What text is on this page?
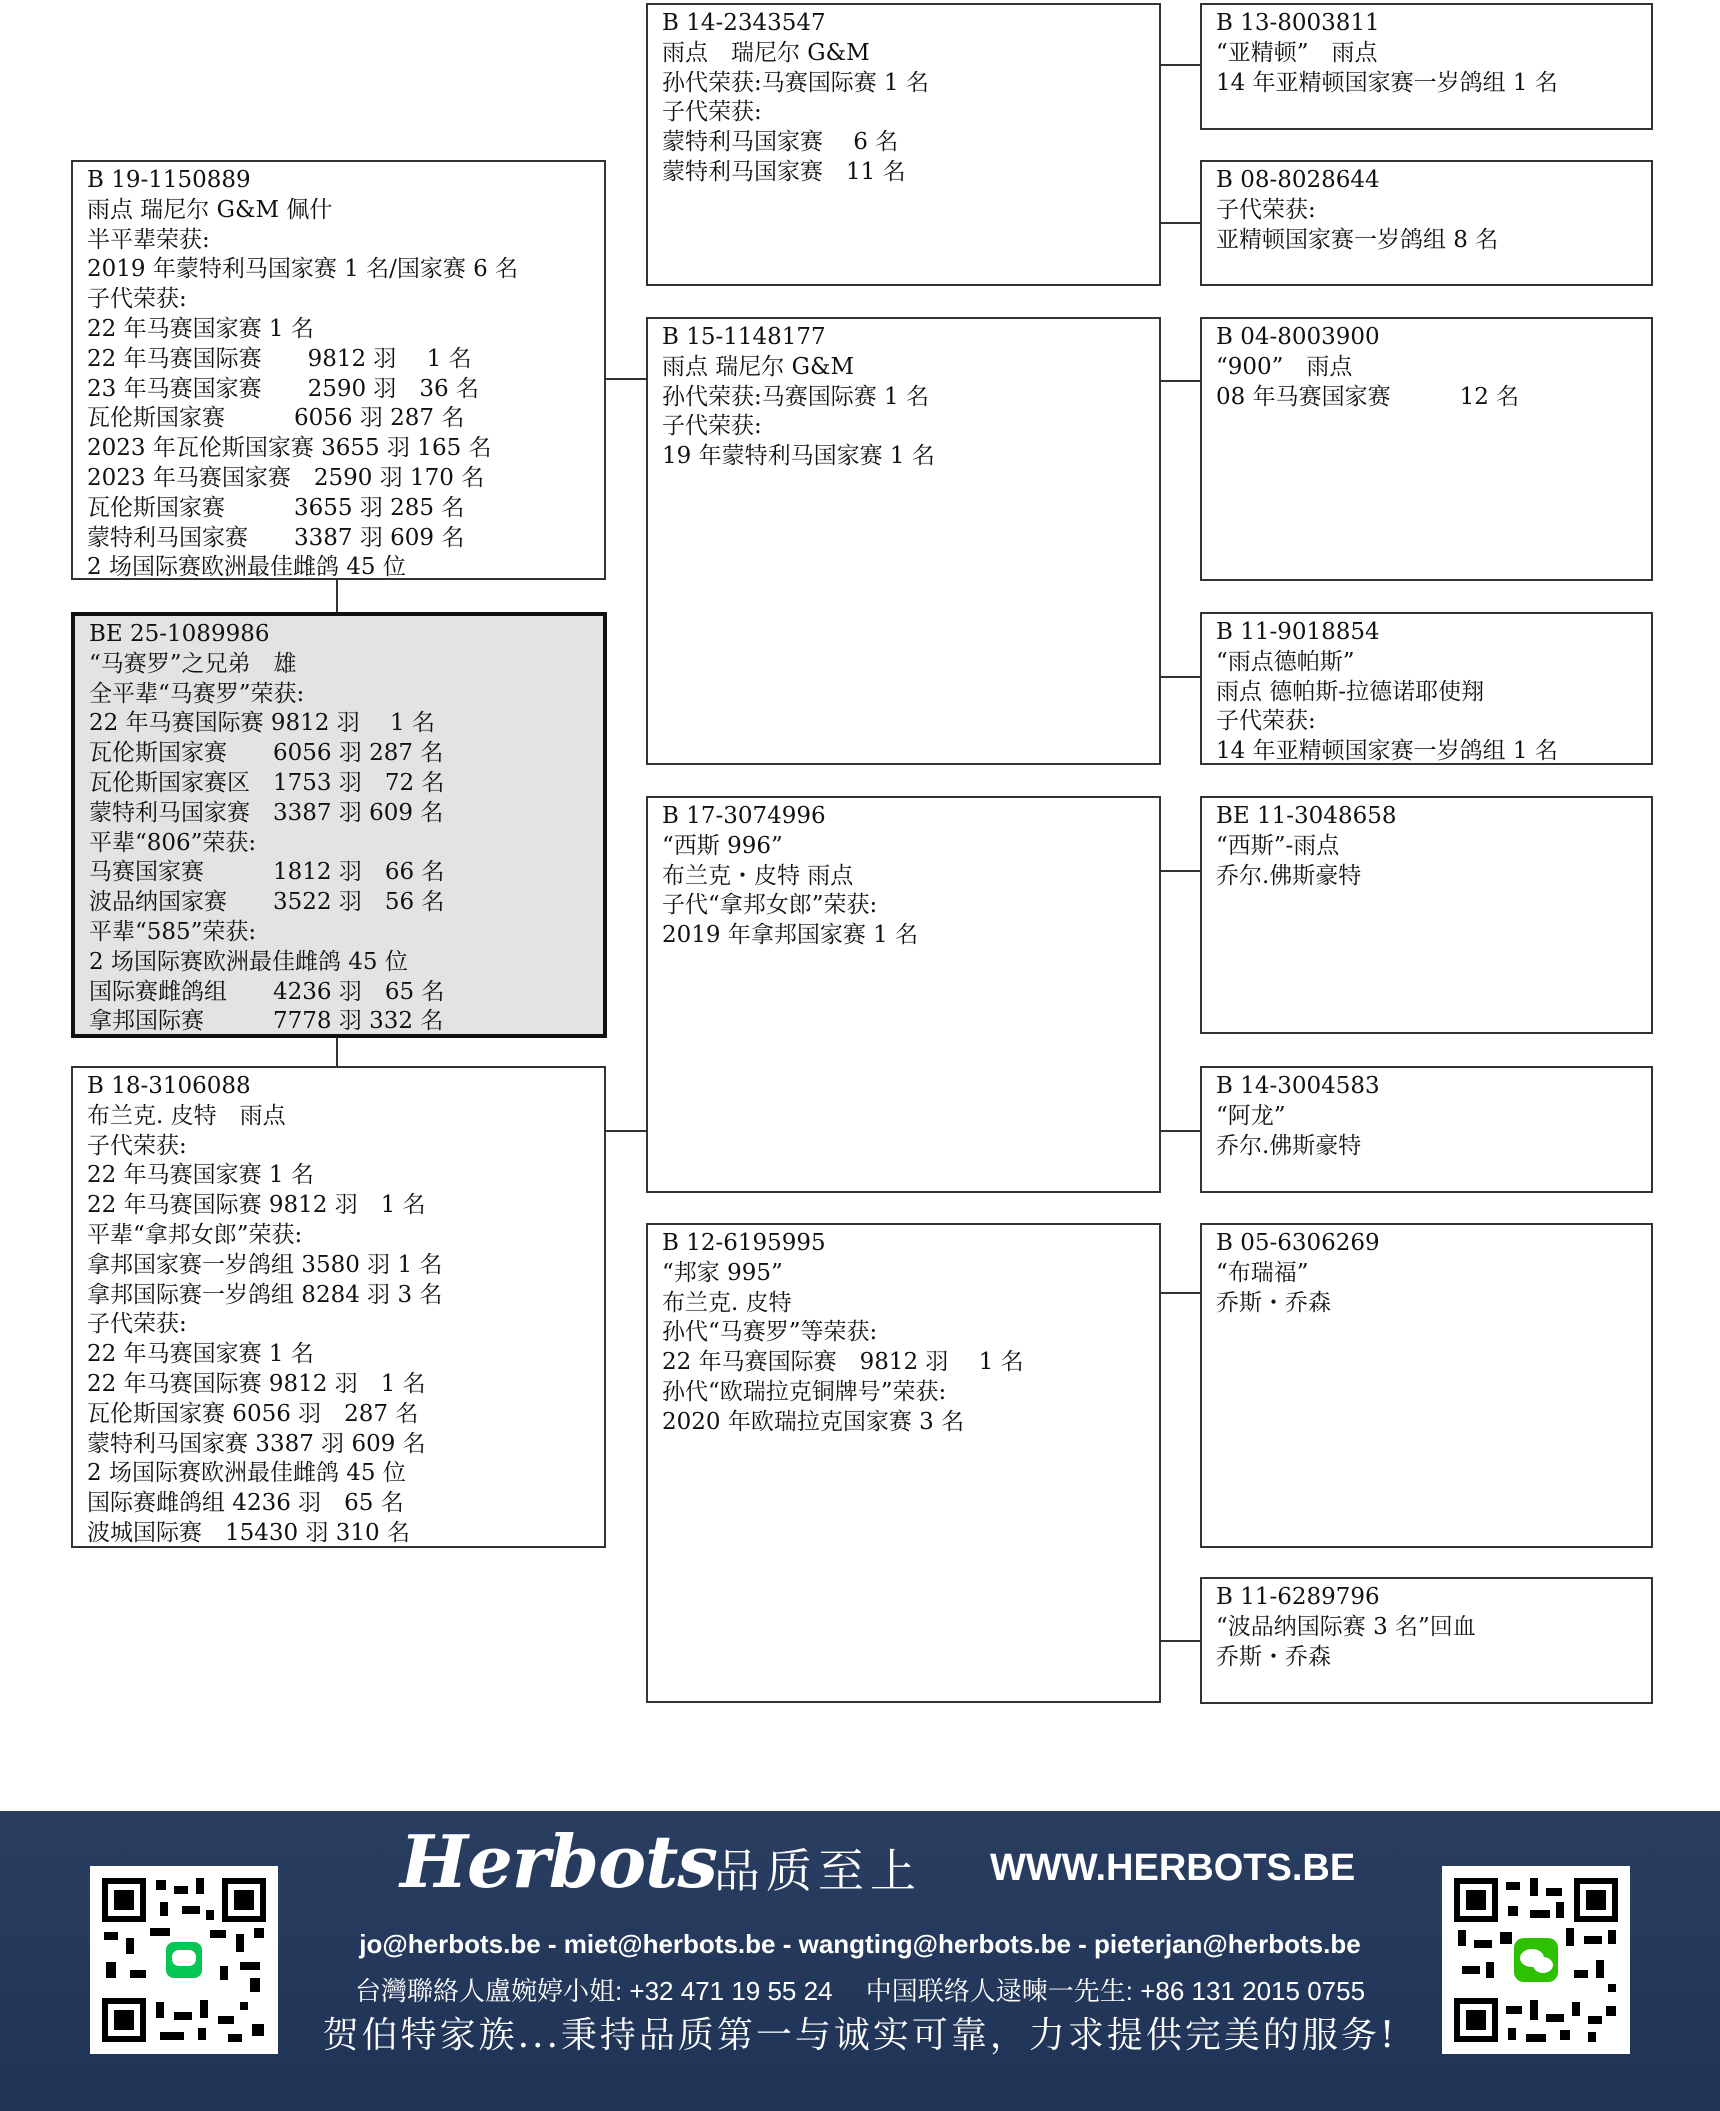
B 19-1150889
雨点 瑞尼尔 G&M 佩什
半平辈荣获:
2019 年蒙特利马国家赛 1 名/国家赛 6 名
子代荣获:
22 年马赛国家赛 1 名
22 年马赛国际赛　　9812 羽　 1 名
23 年马赛国家赛　　2590 羽　36 名
瓦伦斯国家赛　　　6056 羽 287 名
2023 年瓦伦斯国家赛 3655 羽 165 名
2023 年马赛国家赛　2590 羽 170 名
瓦伦斯国家赛　　　3655 羽 285 名
蒙特利马国家赛　　3387 羽 609 名
2 场国际赛欧洲最佳雌鸽 45 位
BE 25-1089986
“马赛罗”之兄弟　雄
全平辈“马赛罗”荣获:
22 年马赛国际赛 9812 羽　 1 名
瓦伦斯国家赛　　6056 羽 287 名
瓦伦斯国家赛区　1753 羽　72 名
蒙特利马国家赛　3387 羽 609 名
平辈“806”荣获:
马赛国家赛　　　1812 羽　66 名
波品纳国家赛　　3522 羽　56 名
平辈“585”荣获:
2 场国际赛欧洲最佳雌鸽 45 位
国际赛雌鸽组　　4236 羽　65 名
拿邦国际赛　　　7778 羽 332 名
B 18-3106088
布兰克. 皮特　雨点
子代荣获:
22 年马赛国家赛 1 名
22 年马赛国际赛 9812 羽　1 名
平辈“拿邦女郎”荣获:
拿邦国家赛一岁鸽组 3580 羽 1 名
拿邦国际赛一岁鸽组 8284 羽 3 名
子代荣获:
22 年马赛国家赛 1 名
22 年马赛国际赛 9812 羽　1 名
瓦伦斯国家赛 6056 羽　287 名
蒙特利马国家赛 3387 羽 609 名
2 场国际赛欧洲最佳雌鸽 45 位
国际赛雌鸽组 4236 羽　65 名
波城国际赛　15430 羽 310 名
B 14-2343547
雨点　瑞尼尔 G&M
孙代荣获:马赛国际赛 1 名
子代荣获:
蒙特利马国家赛　 6 名
蒙特利马国家赛　11 名
B 15-1148177
雨点 瑞尼尔 G&M
孙代荣获:马赛国际赛 1 名
子代荣获:
19 年蒙特利马国家赛 1 名
B 17-3074996
“西斯 996”
布兰克・皮特 雨点
子代“拿邦女郎”荣获:
2019 年拿邦国家赛 1 名
B 12-6195995
“邦家 995”
布兰克. 皮特
孙代“马赛罗”等荣获:
22 年马赛国际赛　9812 羽　 1 名
孙代“欧瑞拉克铜牌号”荣获:
2020 年欧瑞拉克国家赛 3 名
B 13-8003811
“亚精顿”　雨点
14 年亚精顿国家赛一岁鸽组 1 名
B 08-8028644
子代荣获:
亚精顿国家赛一岁鸽组 8 名
B 04-8003900
“900”　雨点
08 年马赛国家赛　　　12 名
B 11-9018854
“雨点德帕斯”
雨点 德帕斯-拉德诺耶使翔
子代荣获:
14 年亚精顿国家赛一岁鸽组 1 名
BE 11-3048658
“西斯”-雨点
乔尔.佛斯豪特
B 14-3004583
“阿龙”
乔尔.佛斯豪特
B 05-6306269
“布瑞福”
乔斯・乔森
B 11-6289796
“波品纳国际赛 3 名”回血
乔斯・乔森
Herbots
品质至上 WWW.HERBOTS.BE
jo@herbots.be - miet@herbots.be - wangting@herbots.be - pieterjan@herbots.be
台灣聯絡人盧婉婷小姐: +32 471 19 55 24　 中国联络人逯暕一先生: +86 131 2015 0755
贺伯特家族...秉持品质第一与诚实可靠，力求提供完美的服务!
